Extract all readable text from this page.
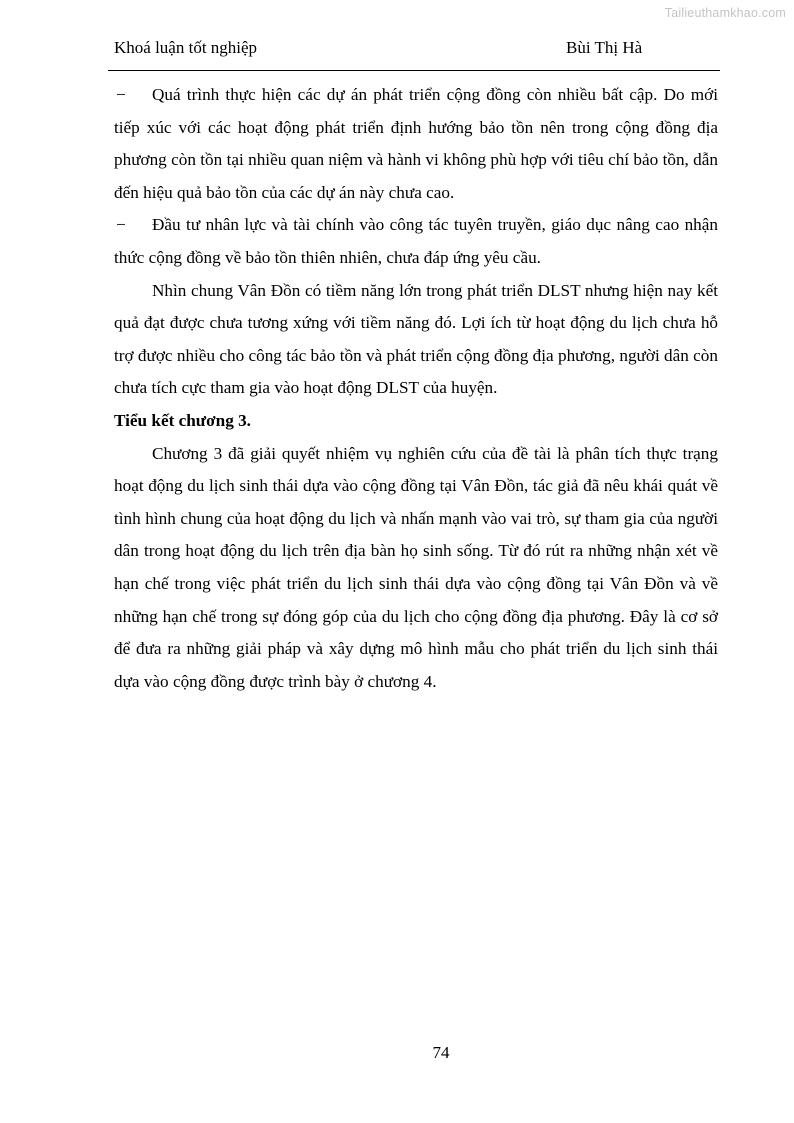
Tailieuthamkhao.com
Khoá luận tốt nghiệp	Bùi Thị Hà

− Quá trình thực hiện các dự án phát triển cộng đồng còn nhiều bất cập. Do mới tiếp xúc với các hoạt động phát triển định hướng bảo tồn nên trong cộng đồng địa phương còn tồn tại nhiều quan niệm và hành vi không phù hợp với tiêu chí bảo tồn, dẫn đến hiệu quả bảo tồn của các dự án này chưa cao.

− Đầu tư nhân lực và tài chính vào công tác tuyên truyền, giáo dục nâng cao nhận thức cộng đồng về bảo tồn thiên nhiên, chưa đáp ứng yêu cầu.

Nhìn chung Vân Đồn có tiềm năng lớn trong phát triển DLST nhưng hiện nay kết quả đạt được chưa tương xứng với tiềm năng đó. Lợi ích từ hoạt động du lịch chưa hỗ trợ được nhiều cho công tác bảo tồn và phát triển cộng đồng địa phương, người dân còn chưa tích cực tham gia vào hoạt động DLST của huyện.

Tiểu kết chương 3.

Chương 3 đã giải quyết nhiệm vụ nghiên cứu của đề tài là phân tích thực trạng hoạt động du lịch sinh thái dựa vào cộng đồng tại Vân Đồn, tác giả đã nêu khái quát về tình hình chung của hoạt động du lịch và nhấn mạnh vào vai trò, sự tham gia của người dân trong hoạt động du lịch trên địa bàn họ sinh sống. Từ đó rút ra những nhận xét về hạn chế trong việc phát triển du lịch sinh thái dựa vào cộng đồng tại Vân Đồn và về những hạn chế trong sự đóng góp của du lịch cho cộng đồng địa phương. Đây là cơ sở để đưa ra những giải pháp và xây dựng mô hình mẫu cho phát triển du lịch sinh thái dựa vào cộng đồng được trình bày ở chương 4.

74
